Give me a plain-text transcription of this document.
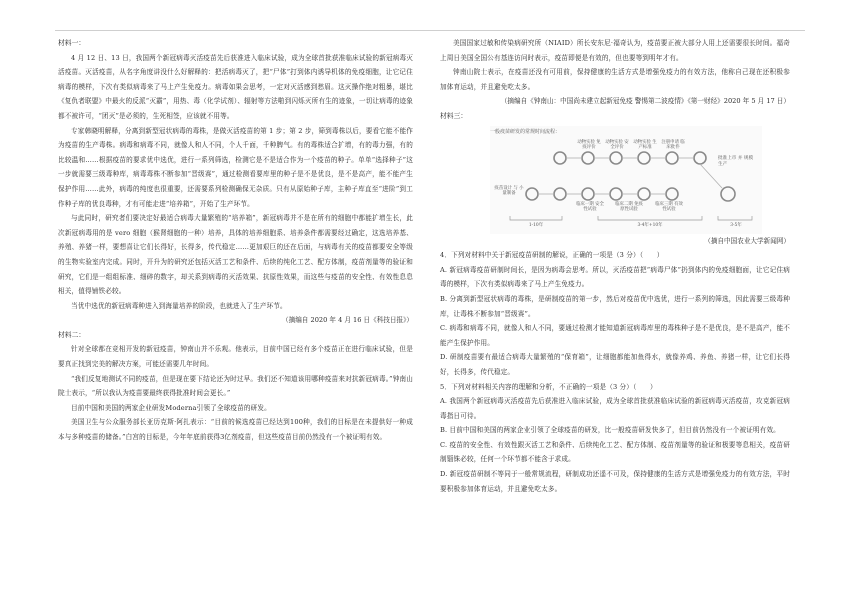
材料一：

4 月 12 日、13 日，我国两个新冠病毒灭活疫苗先后获准进入临床试验，成为全球首批获准临床试验的新冠病毒灭活疫苗。灭活疫苗，从名字角度讲没什么好解释的：把活病毒灭了，把“尸体”打到体内诱导机体的免疫细胞，让它记住病毒的模样，下次有类似病毒来了马上产生免疫力。病毒如果会思考，一定对灭活感到愁眉。这灭操作绝对粗暴，堪比《复仇者联盟》中最火的反派“灭霸”，用热、毒（化学试剂）、辐射等方法啪到闪烁灭所有生的迹象，一切让病毒的迹象都不被许可，“团灭”是必须的，生死相签，应该就不用等。

专家韩晓明解释，分离到新型冠状病毒的毒株，是做灭活疫苗的第 1 步；第 2 步，筛到毒株以后，要看它能不能作为疫苗的生产毒株。病毒和病毒不同，就像人和人不同，个人千面，千种脾气。有的毒株适合扩增，有的毒力强，有的比较温和……根据疫苗的要求优中选优，进行一系列筛选，检测它是不是适合作为一个疫苗的种子。单单“选择种子”这一步就需要三级毒种库，病毒毒株不断参加“晋级赛”，通过检测看要库里的种子是不是优良，是不是高产，能不能产生保护作用……此外，病毒的纯度也很重要，还需要系列检测确保无杂质。只有从原始种子库，主种子库直至“进阶”到工作种子库的优良毒种，才有可能走进“培养箱”，开始了生产环节。

与此同时，研究者们要决定好最适合病毒大量繁殖的“培养箱”，新冠病毒并不是在所有的细胞中都能扩增生长，此次新冠病毒用的是 vero 细胞（猴肾细胞的一种）培养，具体的培养细胞系、培养条件都需要经过确定，这选培养基、养殖、养猪一样，要想喜让它们长得好，长得多，传代稳定……更加艰巨的还在后面，与病毒有关的疫苗都要安全等级的生物实验室内完成。同时，开升为的研究还包括灭活工艺和条件、后续的纯化工艺、配方体制，疫苗剂量等的验证和研究，它们是一组组标准、细碎的数字，却关系到病毒的灭活效果、抗原性效果，而这些与疫苗的安全性、有效性息息相关，值得铺铁必较。

当优中选优的新冠病毒种进入到海量培养的阶段，也就进入了生产环节。

（摘编自 2020 年 4 月 16 日《科技日报》）

材料二：

针对全球都在竞相开发的新冠疫苗，钟南山并不乐观。他表示，目前中国已经有多个疫苗正在进行临床试验，但是要真正找到完美的解决方案，可能还需要几年时间。

“我们反复地测试不同的疫苗，但是现在要下结论还为时过早。我们还不知道该用哪种疫苗来对抗新冠病毒。”钟南山院士表示，“所以我认为疫苗要最终获得批准时间会更长。”

目前中国和美国的两家企业研发Moderna引领了全球疫苗的研发。

美国卫生与公众服务部长亚历克斯·阿扎表示：“目前的候选疫苗已经达到100种，我们的目标是在未提供好一种成本与多种疫苗的储备。”白宫的目标是，今年年底前获得3亿剂疫苗，但这些疫苗目前仍然没有一个被证明有效。

美国国家过敏和传染病研究所（NIAID）所长安东尼·福奇认为，疫苗要正被大部分人用上还需要很长时间。福奇上周日美国全国公有基连访问时表示，疫苗即便是有效的，但也要等到明年才有。

钟南山院士表示，在疫苗还没有可用前，保持健康的生活方式是增强免疫力的有效方法，他称自己现在还积极参加体育运动，并且避免吃太多。

（摘编自《钟南山：中国尚未建立起新冠免疫 警惕第二波疫情》《第一财经》2020 年 5 月 17 日）

材料三：

一般疫苗研发的常规时间流程：
动物实验 免疫评价
动物实验 安全评价
动物实验 生产标准
注册申请 临床批件
疫苗设计 与 小量制备
临床一期 安全性试验
临床二期 免疫原性试验
临床三期 有效性试验
批准上市 并 规模生产
1-10年	3-4年+10年	3-5年

（摘自中国农业大学新闻网）

4．下列对材料中关于新冠疫苗研制的解说，正确的一项是（3 分）（　　）

A. 新冠病毒疫苗研制时间长，是因为病毒会思考。所以，灭活疫苗把“病毒尸体”扔到体内的免疫细胞面，让它记住病毒的模样，下次有类似病毒来了马上产生免疫力。

B. 分离到新型冠状病毒的毒株，是研制疫苗的第一步，然后对疫苗优中选优，进行一系列的筛选，因此需要三级毒种库，让毒株不断参加“晋级赛”。

C. 病毒和病毒不同，就像人和人不同，要通过检测才能知道新冠病毒库里的毒株种子是不是优良，是不是高产，能不能产生保护作用。

D. 研制疫苗要有最适合病毒大量繁殖的“保育箱”，让细胞都能加鱼得水，就像养鸡、养鱼、养猪一样，让它们长得好，长得多，传代稳定。

5．下列对材料相关内容的理解和分析，不正确的一项是（3 分）（　　）

A. 我国两个新冠病毒灭活疫苗先后获准进入临床试验，成为全球首批获准临床试验的新冠病毒灭活疫苗，攻克新冠病毒指日可待。

B. 目前中国和美国的两家企业引领了全球疫苗的研发，比一般疫苗研发快多了，但目前仍然没有一个被证明有效。

C. 疫苗的安全性、有效性跟灭活工艺和条件、后续纯化工艺、配方体制、疫苗剂量等的验证和极要等息相关，疫苗研制锱铢必较，任何一个环节都不能含于求成。

D. 新冠疫苗研制不等同于一般常规流程，研制成功还遥不可及，保持健康的生活方式是增强免疫力的有效方法，平时要积极参加体育运动，并且避免吃太多。
